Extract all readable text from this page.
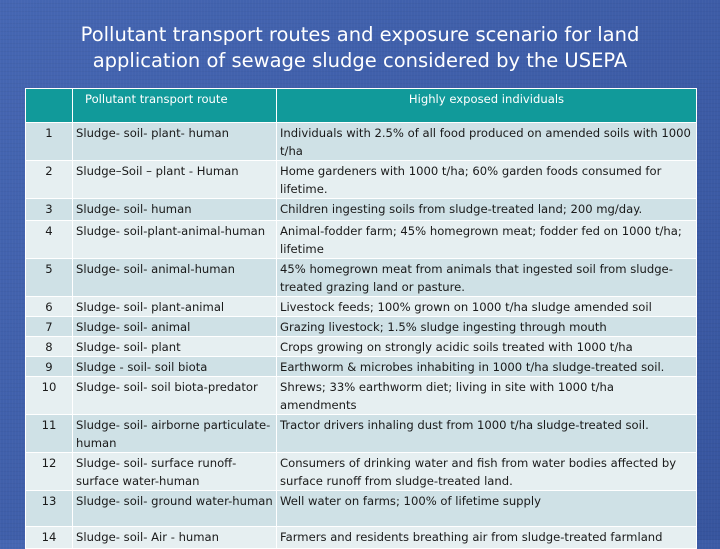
Pollutant transport routes and exposure scenario for land
application of sewage sludge considered by the USEPA
	Pollutant transport route	Highly exposed individuals
1	Sludge- soil- plant- human	Individuals with 2.5% of all food produced on amended soils with 1000 t/ha
2	Sludge–Soil – plant - Human	Home gardeners with 1000 t/ha; 60% garden foods consumed for lifetime.
3	Sludge- soil- human	Children ingesting soils from sludge-treated land; 200 mg/day.
4	Sludge- soil-plant-animal-human	Animal-fodder farm; 45% homegrown meat; fodder fed on 1000 t/ha; lifetime
5	Sludge- soil- animal-human	45% homegrown meat from animals that ingested soil from sludge-treated grazing land or pasture.
6	Sludge- soil- plant-animal	Livestock feeds; 100% grown on 1000 t/ha sludge amended soil
7	Sludge- soil- animal	Grazing livestock; 1.5% sludge ingesting through mouth
8	Sludge- soil- plant	Crops growing on strongly acidic soils treated with 1000 t/ha
9	Sludge - soil- soil biota	Earthworm & microbes inhabiting in 1000 t/ha sludge-treated soil.
10	Sludge- soil- soil biota-predator	Shrews; 33% earthworm diet; living in site with 1000 t/ha amendments
11	Sludge- soil- airborne particulate-human	Tractor drivers inhaling dust from 1000 t/ha sludge-treated soil.
12	Sludge- soil- surface runoff-surface water-human	Consumers of drinking water and fish from water bodies affected by surface runoff from sludge-treated land.
13	Sludge- soil- ground water-human	Well water on farms; 100% of lifetime supply
14	Sludge- soil- Air - human	Farmers and residents breathing air from sludge-treated farmland
